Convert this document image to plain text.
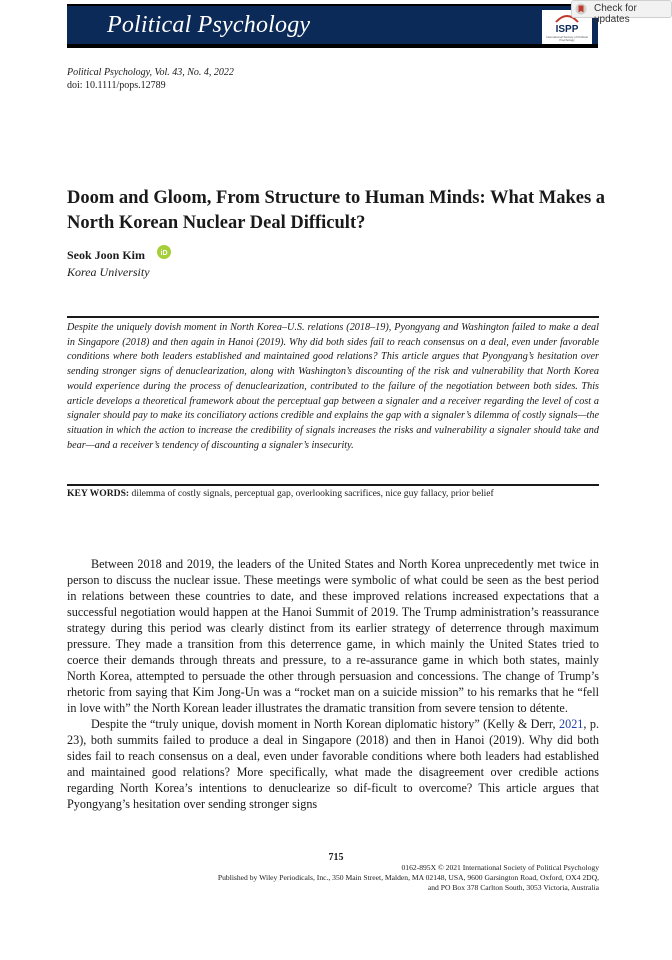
Political Psychology	ISPP
International Society of Political Psychology
Check for updates
Political Psychology, Vol. 43, No. 4, 2022
doi: 10.1111/pops.12789
Doom and Gloom, From Structure to Human Minds: What Makes a North Korean Nuclear Deal Difficult?
Seok Joon Kim iD
Korea University
Despite the uniquely dovish moment in North Korea–U.S. relations (2018–19), Pyongyang and Washington failed to make a deal in Singapore (2018) and then again in Hanoi (2019). Why did both sides fail to reach consensus on a deal, even under favorable conditions where both leaders established and maintained good relations? This article argues that Pyongyang’s hesitation over sending stronger signs of denuclearization, along with Washington’s discounting of the risk and vulnerability that North Korea would experience during the process of denuclearization, contributed to the failure of the negotiation between both sides. This article develops a theoretical framework about the perceptual gap between a signaler and a receiver regarding the level of cost a signaler should pay to make its conciliatory actions credible and explains the gap with a signaler’s dilemma of costly signals—the situation in which the action to increase the credibility of signals increases the risks and vulnerability a signaler should take and bear—and a receiver’s tendency of discounting a signaler’s insecurity.
KEY WORDS: dilemma of costly signals, perceptual gap, overlooking sacrifices, nice guy fallacy, prior belief

Between 2018 and 2019, the leaders of the United States and North Korea unprecedently met twice in person to discuss the nuclear issue. These meetings were symbolic of what could be seen as the best period in relations between these countries to date, and these improved relations increased expectations that a successful negotiation would happen at the Hanoi Summit of 2019. The Trump administration’s reassurance strategy during this period was clearly distinct from its earlier strategy of deterrence through maximum pressure. They made a transition from this deterrence game, in which mainly the United States tried to coerce their demands through threats and pressure, to a re-assurance game in which both states, mainly North Korea, attempted to persuade the other through persuasion and concessions. The change of Trump’s rhetoric from saying that Kim Jong-Un was a “rocket man on a suicide mission” to his remarks that he “fell in love with” the North Korean leader illustrates the dramatic transition from severe tension to détente.

Despite the “truly unique, dovish moment in North Korean diplomatic history” (Kelly & Derr, 2021, p. 23), both summits failed to produce a deal in Singapore (2018) and then in Hanoi (2019). Why did both sides fail to reach consensus on a deal, even under favorable conditions where both leaders had established and maintained good relations? More specifically, what made the disagreement over credible actions regarding North Korea’s intentions to denuclearize so dif-ficult to overcome? This article argues that Pyongyang’s hesitation over sending stronger signs

715
0162-895X © 2021 International Society of Political Psychology
Published by Wiley Periodicals, Inc., 350 Main Street, Malden, MA 02148, USA, 9600 Garsington Road, Oxford, OX4 2DQ,
and PO Box 378 Carlton South, 3053 Victoria, Australia
